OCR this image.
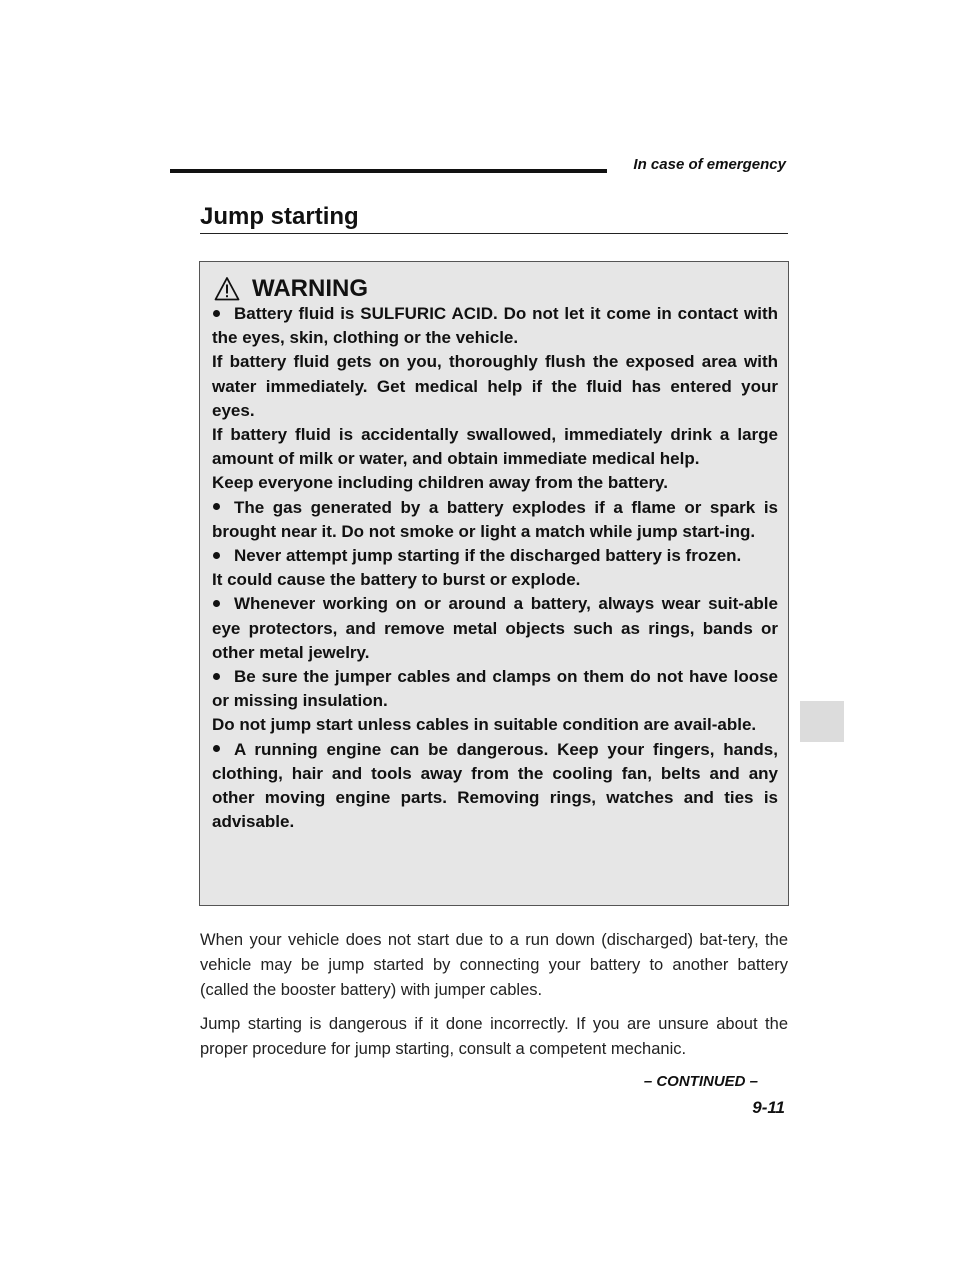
In case of emergency
Jump starting
WARNING

Battery fluid is SULFURIC ACID. Do not let it come in contact with the eyes, skin, clothing or the vehicle.

If battery fluid gets on you, thoroughly flush the exposed area with water immediately. Get medical help if the fluid has entered your eyes.

If battery fluid is accidentally swallowed, immediately drink a large amount of milk or water, and obtain immediate medical help.

Keep everyone including children away from the battery.

The gas generated by a battery explodes if a flame or spark is brought near it. Do not smoke or light a match while jump start-ing.

Never attempt jump starting if the discharged battery is frozen.

It could cause the battery to burst or explode.

Whenever working on or around a battery, always wear suit-able eye protectors, and remove metal objects such as rings, bands or other metal jewelry.

Be sure the jumper cables and clamps on them do not have loose or missing insulation.

Do not jump start unless cables in suitable condition are avail-able.

A running engine can be dangerous. Keep your fingers, hands, clothing, hair and tools away from the cooling fan, belts and any other moving engine parts. Removing rings, watches and ties is advisable.

When your vehicle does not start due to a run down (discharged) bat-tery, the vehicle may be jump started by connecting your battery to another battery (called the booster battery) with jumper cables.

Jump starting is dangerous if it done incorrectly. If you are unsure about the proper procedure for jump starting, consult a competent mechanic.

– CONTINUED –
9-11
